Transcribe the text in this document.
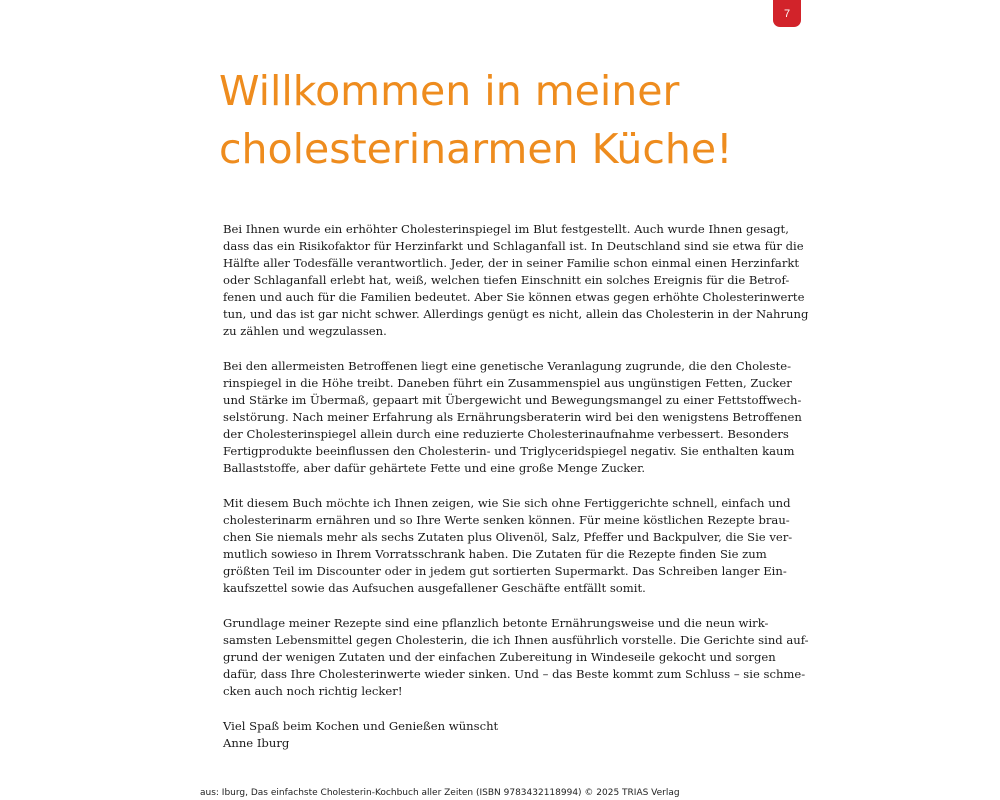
7
Willkommen in meiner
cholesterinarmen Küche!

Bei Ihnen wurde ein erhöhter Cholesterinspiegel im Blut festgestellt. Auch wurde Ihnen gesagt,
dass das ein Risikofaktor für Herzinfarkt und Schlaganfall ist. In Deutschland sind sie etwa für die
Hälfte aller Todesfälle verantwortlich. Jeder, der in seiner Familie schon einmal einen Herzinfarkt
oder Schlaganfall erlebt hat, weiß, welchen tiefen Einschnitt ein solches Ereignis für die Betrof-
fenen und auch für die Familien bedeutet. Aber Sie können etwas gegen erhöhte Cholesterinwerte
tun, und das ist gar nicht schwer. Allerdings genügt es nicht, allein das Cholesterin in der Nahrung
zu zählen und wegzulassen.

Bei den allermeisten Betroffenen liegt eine genetische Veranlagung zugrunde, die den Choleste-
rinspiegel in die Höhe treibt. Daneben führt ein Zusammenspiel aus ungünstigen Fetten, Zucker
und Stärke im Übermaß, gepaart mit Übergewicht und Bewegungsmangel zu einer Fettstoffwech-
selstörung. Nach meiner Erfahrung als Ernährungsberaterin wird bei den wenigstens Betroffenen
der Cholesterinspiegel allein durch eine reduzierte Cholesterinaufnahme verbessert. Besonders
Fertigprodukte beeinflussen den Cholesterin- und Triglyceridspiegel negativ. Sie enthalten kaum
Ballaststoffe, aber dafür gehärtete Fette und eine große Menge Zucker.

Mit diesem Buch möchte ich Ihnen zeigen, wie Sie sich ohne Fertiggerichte schnell, einfach und
cholesterinarm ernähren und so Ihre Werte senken können. Für meine köstlichen Rezepte brau-
chen Sie niemals mehr als sechs Zutaten plus Olivenöl, Salz, Pfeffer und Backpulver, die Sie ver-
mutlich sowieso in Ihrem Vorratsschrank haben. Die Zutaten für die Rezepte finden Sie zum
größten Teil im Discounter oder in jedem gut sortierten Supermarkt. Das Schreiben langer Ein-
kaufszettel sowie das Aufsuchen ausgefallener Geschäfte entfällt somit.

Grundlage meiner Rezepte sind eine pflanzlich betonte Ernährungsweise und die neun wirk-
samsten Lebensmittel gegen Cholesterin, die ich Ihnen ausführlich vorstelle. Die Gerichte sind auf-
grund der wenigen Zutaten und der einfachen Zubereitung in Windeseile gekocht und sorgen
dafür, dass Ihre Cholesterinwerte wieder sinken. Und – das Beste kommt zum Schluss – sie schme-
cken auch noch richtig lecker!

Viel Spaß beim Kochen und Genießen wünscht
Anne Iburg
aus: Iburg, Das einfachste Cholesterin-Kochbuch aller Zeiten (ISBN 9783432118994) © 2025 TRIAS Verlag
